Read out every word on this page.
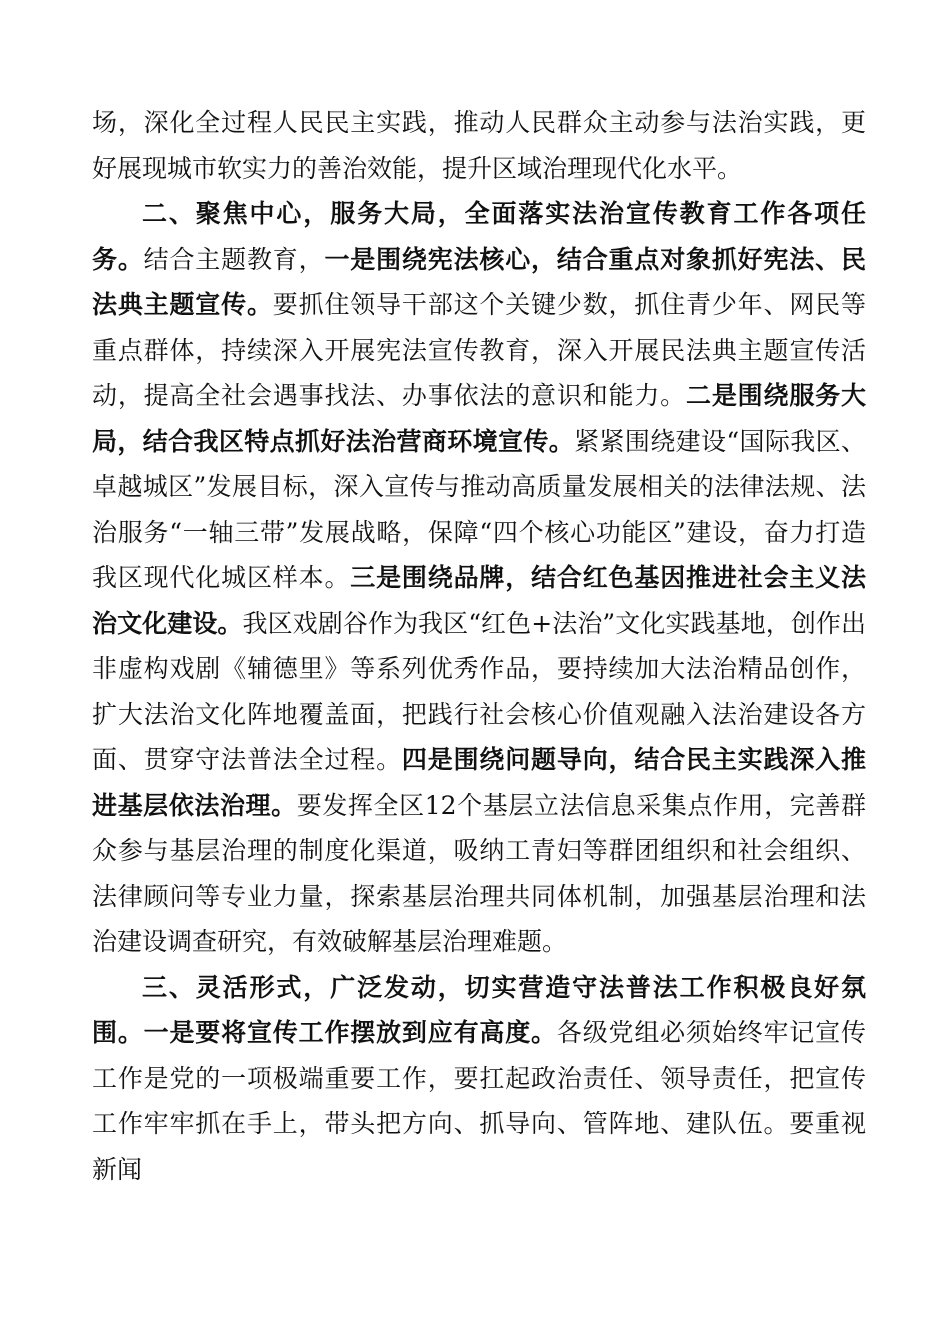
场，深化全过程人民民主实践，推动人民群众主动参与法治实践，更好展现城市软实力的善治效能，提升区域治理现代化水平。

二、聚焦中心，服务大局，全面落实法治宣传教育工作各项任务。结合主题教育，一是围绕宪法核心，结合重点对象抓好宪法、民法典主题宣传。要抓住领导干部这个关键少数，抓住青少年、网民等重点群体，持续深入开展宪法宣传教育，深入开展民法典主题宣传活动，提高全社会遇事找法、办事依法的意识和能力。二是围绕服务大局，结合我区特点抓好法治营商环境宣传。紧紧围绕建设“国际我区、卓越城区”发展目标，深入宣传与推动高质量发展相关的法律法规、法治服务“一轴三带”发展战略，保障“四个核心功能区”建设，奋力打造我区现代化城区样本。三是围绕品牌，结合红色基因推进社会主义法治文化建设。我区戏剧谷作为我区“红色+法治”文化实践基地，创作出非虚构戏剧《辅德里》等系列优秀作品，要持续加大法治精品创作，扩大法治文化阵地覆盖面，把践行社会核心价值观融入法治建设各方面、贯穿守法普法全过程。四是围绕问题导向，结合民主实践深入推进基层依法治理。要发挥全区12个基层立法信息采集点作用，完善群众参与基层治理的制度化渠道，吸纳工青妇等群团组织和社会组织、法律顾问等专业力量，探索基层治理共同体机制，加强基层治理和法治建设调查研究，有效破解基层治理难题。

三、灵活形式，广泛发动，切实营造守法普法工作积极良好氛围。一是要将宣传工作摆放到应有高度。各级党组必须始终牢记宣传工作是党的一项极端重要工作，要扛起政治责任、领导责任，把宣传工作牢牢抓在手上，带头把方向、抓导向、管阵地、建队伍。要重视新闻
